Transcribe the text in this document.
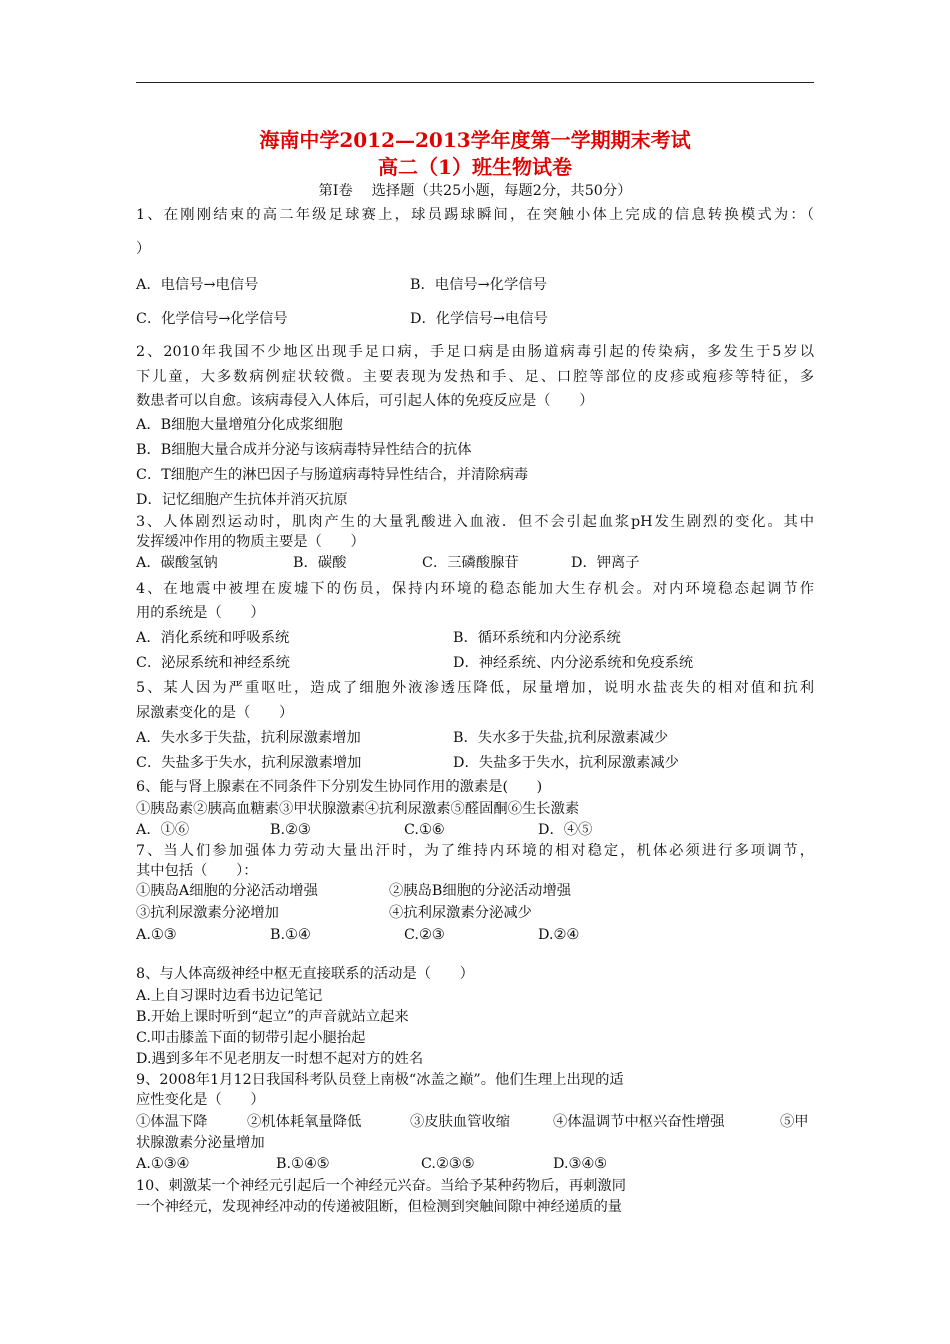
海南中学2012—2013学年度第一学期期末考试
高二（1）班生物试卷
第Ⅰ卷　 选择题（共25小题，每题2分，共50分）
1、在刚刚结束的高二年级足球赛上，球员踢球瞬间，在突触小体上完成的信息转换模式为：（
）
A．电信号→电信号	B．电信号→化学信号
C．化学信号→化学信号	D．化学信号→电信号
2、2010年我国不少地区出现手足口病，手足口病是由肠道病毒引起的传染病，多发生于5岁以
下儿童，大多数病例症状较微。主要表现为发热和手、足、口腔等部位的皮疹或疱疹等特征，多
数患者可以自愈。该病毒侵入人体后，可引起人体的免疫反应是（　　）
A．B细胞大量增殖分化成浆细胞
B．B细胞大量合成并分泌与该病毒特异性结合的抗体
C．T细胞产生的淋巴因子与肠道病毒特异性结合，并清除病毒
D．记忆细胞产生抗体并消灭抗原
3、人体剧烈运动时，肌肉产生的大量乳酸进入血液．但不会引起血浆pH发生剧烈的变化。其中
发挥缓冲作用的物质主要是（　　）
A．碳酸氢钠	B．碳酸	C．三磷酸腺苷	D．钾离子
4、在地震中被埋在废墟下的伤员，保持内环境的稳态能加大生存机会。对内环境稳态起调节作
用的系统是（　　）
A．消化系统和呼吸系统	B．循环系统和内分泌系统
C．泌尿系统和神经系统	D．神经系统、内分泌系统和免疫系统
5、某人因为严重呕吐，造成了细胞外液渗透压降低，尿量增加，说明水盐丧失的相对值和抗利
尿激素变化的是（　　）
A．失水多于失盐，抗利尿激素增加	B．失水多于失盐,抗利尿激素减少
C．失盐多于失水，抗利尿激素增加	D．失盐多于失水，抗利尿激素减少
6、能与肾上腺素在不同条件下分别发生协同作用的激素是(　　)
①胰岛素②胰高血糖素③甲状腺激素④抗利尿激素⑤醛固酮⑥生长激素
A．①⑥	B.②③	C.①⑥	D．④⑤
7、当人们参加强体力劳动大量出汗时，为了维持内环境的相对稳定，机体必须进行多项调节，
其中包括（　　）：
①胰岛A细胞的分泌活动增强	②胰岛B细胞的分泌活动增强
③抗利尿激素分泌增加	④抗利尿激素分泌减少
A.①③	B.①④	C.②③	D.②④
8、与人体高级神经中枢无直接联系的活动是（　　）
A.上自习课时边看书边记笔记
B.开始上课时听到“起立”的声音就站立起来
C.叩击膝盖下面的韧带引起小腿抬起
D.遇到多年不见老朋友一时想不起对方的姓名
9、2008年1月12日我国科考队员登上南极“冰盖之巅”。他们生理上出现的适
应性变化是（　　）
①体温下降	②机体耗氧量降低	③皮肤血管收缩	④体温调节中枢兴奋性增强	⑤甲
状腺激素分泌量增加
A.①③④	B.①④⑤	C.②③⑤	D.③④⑤
10、刺激某一个神经元引起后一个神经元兴奋。当给予某种药物后，再刺激同
一个神经元，发现神经冲动的传递被阻断，但检测到突触间隙中神经递质的量
